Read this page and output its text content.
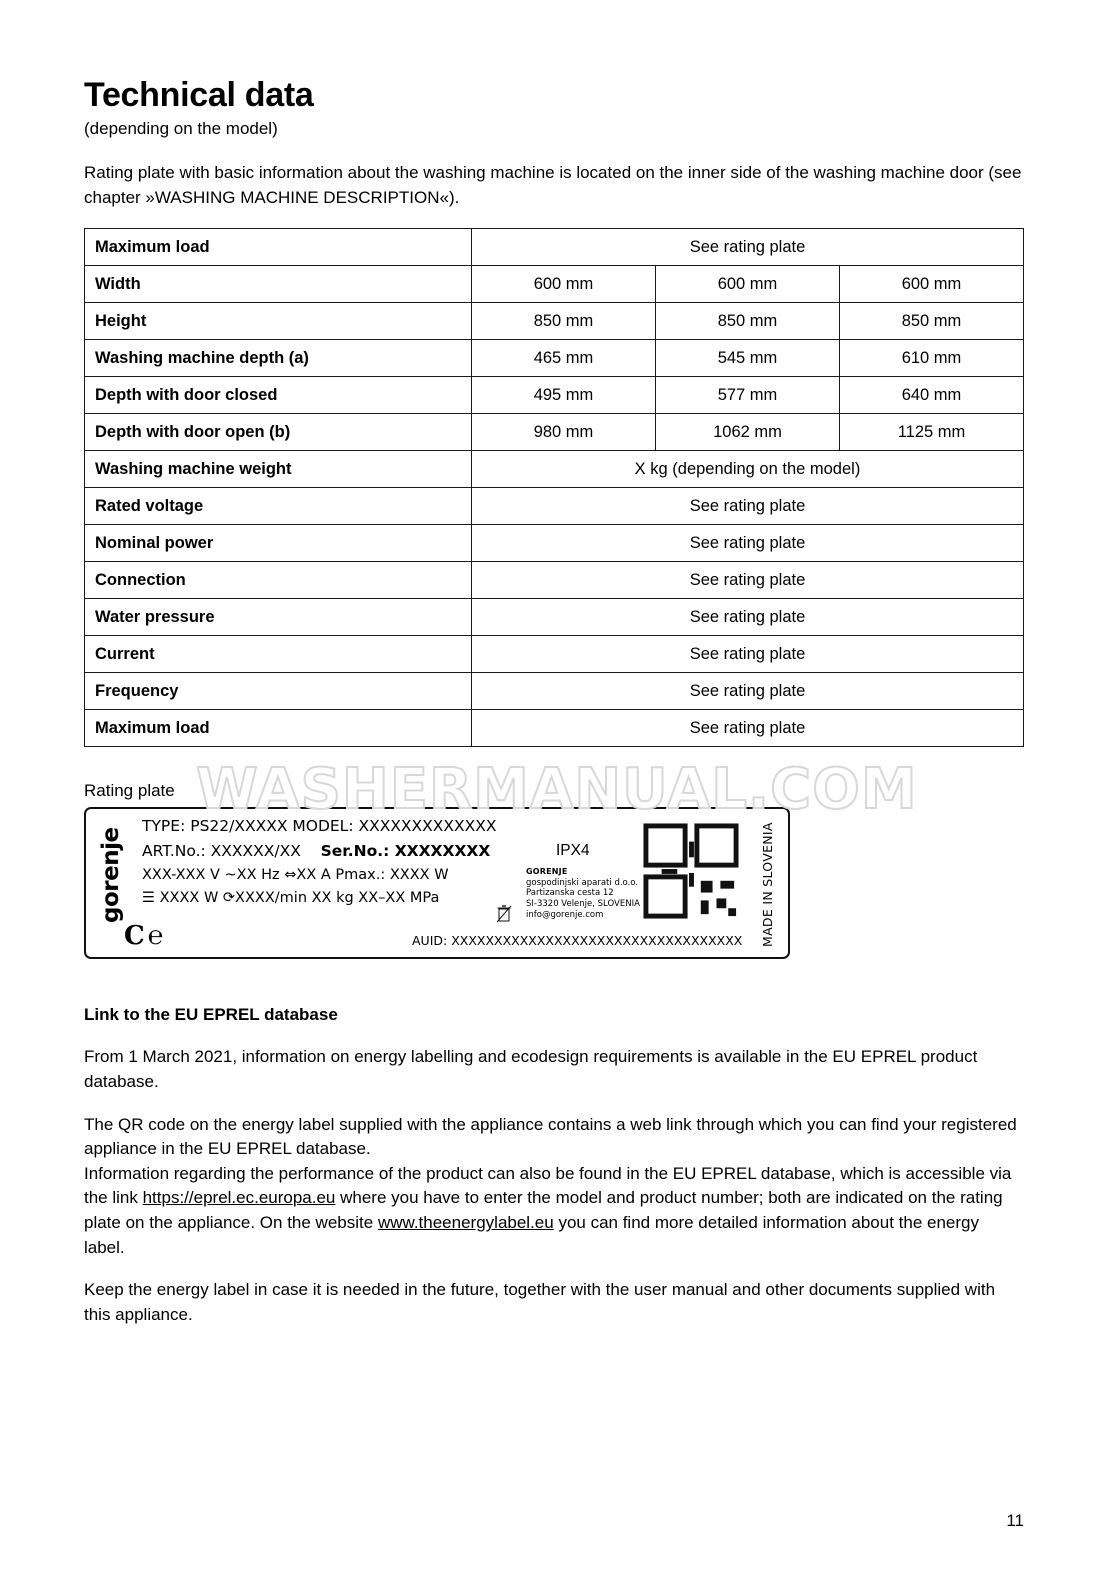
Technical data

(depending on the model)

Rating plate with basic information about the washing machine is located on the inner side of the washing machine door (see chapter »WASHING MACHINE DESCRIPTION«).

Maximum load	See rating plate		
Width	600 mm	600 mm	600 mm
Height	850 mm	850 mm	850 mm
Washing machine depth (a)	465 mm	545 mm	610 mm
Depth with door closed	495 mm	577 mm	640 mm
Depth with door open (b)	980 mm	1062 mm	1125 mm
Washing machine weight	X kg (depending on the model)		
Rated voltage	See rating plate		
Nominal power	See rating plate		
Connection	See rating plate		
Water pressure	See rating plate		
Current	See rating plate		
Frequency	See rating plate		
Maximum load	See rating plate		

Rating plate

gorenje
C℮
TYPE: PS22/XXXXX MODEL: XXXXXXXXXXXXX
ART.No.: XXXXXX/XX Ser.No.: XXXXXXXX	IPX4
XXX-XXX V ~XX Hz ⇔XX A Pmax.: XXXX W
☰ XXXX W ⟳XXXX/min XX kg XX–XX MPa
GORENJE
gospodinjski aparati d.o.o.
Partizanska cesta 12
SI-3320 Velenje, SLOVENIA
info@gorenje.com
AUID: XXXXXXXXXXXXXXXXXXXXXXXXXXXXXXXXXX MADE IN SLOVENIA
Link to the EU EPREL database

From 1 March 2021, information on energy labelling and ecodesign requirements is available in the EU EPREL product database.

The QR code on the energy label supplied with the appliance contains a web link through which you can find your registered appliance in the EU EPREL database.
Information regarding the performance of the product can also be found in the EU EPREL database, which is accessible via the link https://eprel.ec.europa.eu where you have to enter the model and product number; both are indicated on the rating plate on the appliance. On the website www.theenergylabel.eu you can find more detailed information about the energy label.

Keep the energy label in case it is needed in the future, together with the user manual and other documents supplied with this appliance.

11
WASHERMANUAL.COM
